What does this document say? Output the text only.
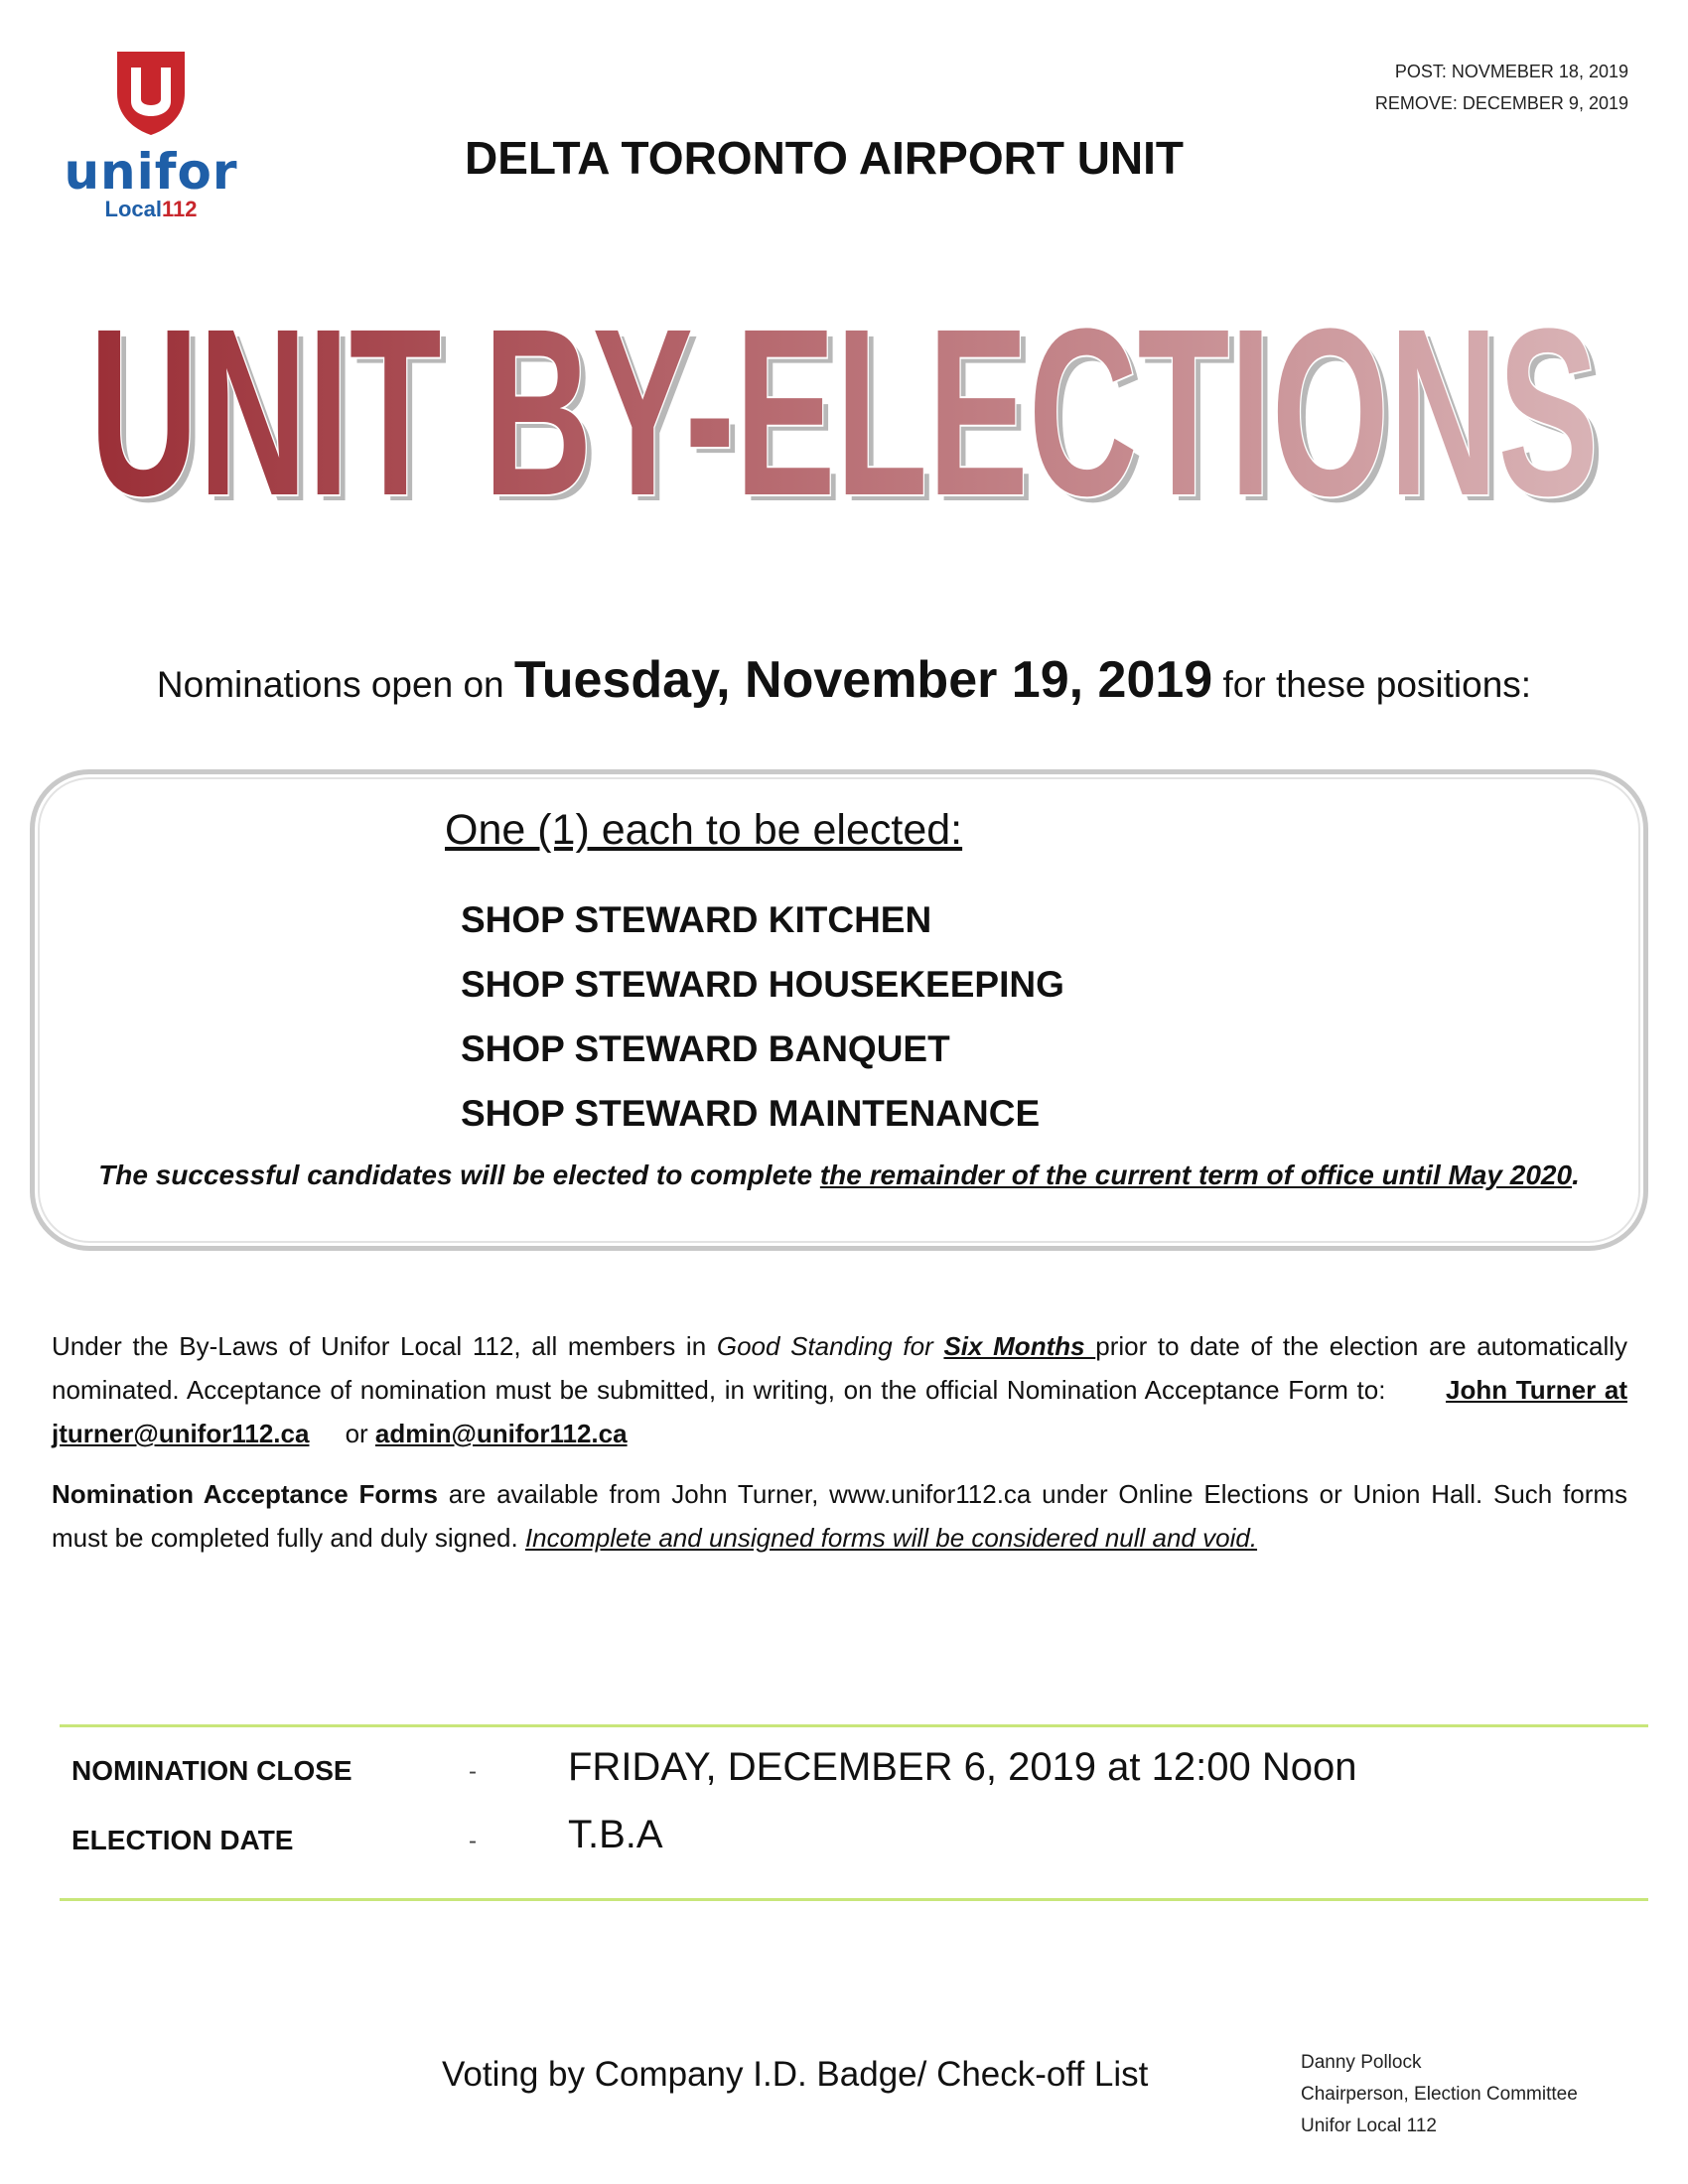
unifor
Local112
POST: NOVMEBER 18, 2019
REMOVE: DECEMBER 9, 2019
DELTA TORONTO AIRPORT UNIT
UNIT BY-ELECTIONS
UNIT BY-ELECTIONS
Nominations open on Tuesday, November 19, 2019 for these positions:
One (1) each to be elected:
SHOP STEWARD KITCHEN
SHOP STEWARD HOUSEKEEPING
SHOP STEWARD BANQUET
SHOP STEWARD MAINTENANCE
The successful candidates will be elected to complete the remainder of the current term of office until May 2020.
Under the By-Laws of Unifor Local 112, all members in Good Standing for Six Months prior to date of the election are automatically nominated. Acceptance of nomination must be submitted, in writing, on the official Nomination Acceptance Form to: John Turner at jturner@unifor112.ca or admin@unifor112.ca
Nomination Acceptance Forms are available from John Turner, www.unifor112.ca under Online Elections or Union Hall. Such forms must be completed fully and duly signed. Incomplete and unsigned forms will be considered null and void.
NOMINATION CLOSE	- FRIDAY, DECEMBER 6, 2019 at 12:00 Noon
ELECTION DATE	- T.B.A
Voting by Company I.D. Badge/ Check-off List	Danny Pollock
Chairperson, Election Committee
Unifor Local 112
